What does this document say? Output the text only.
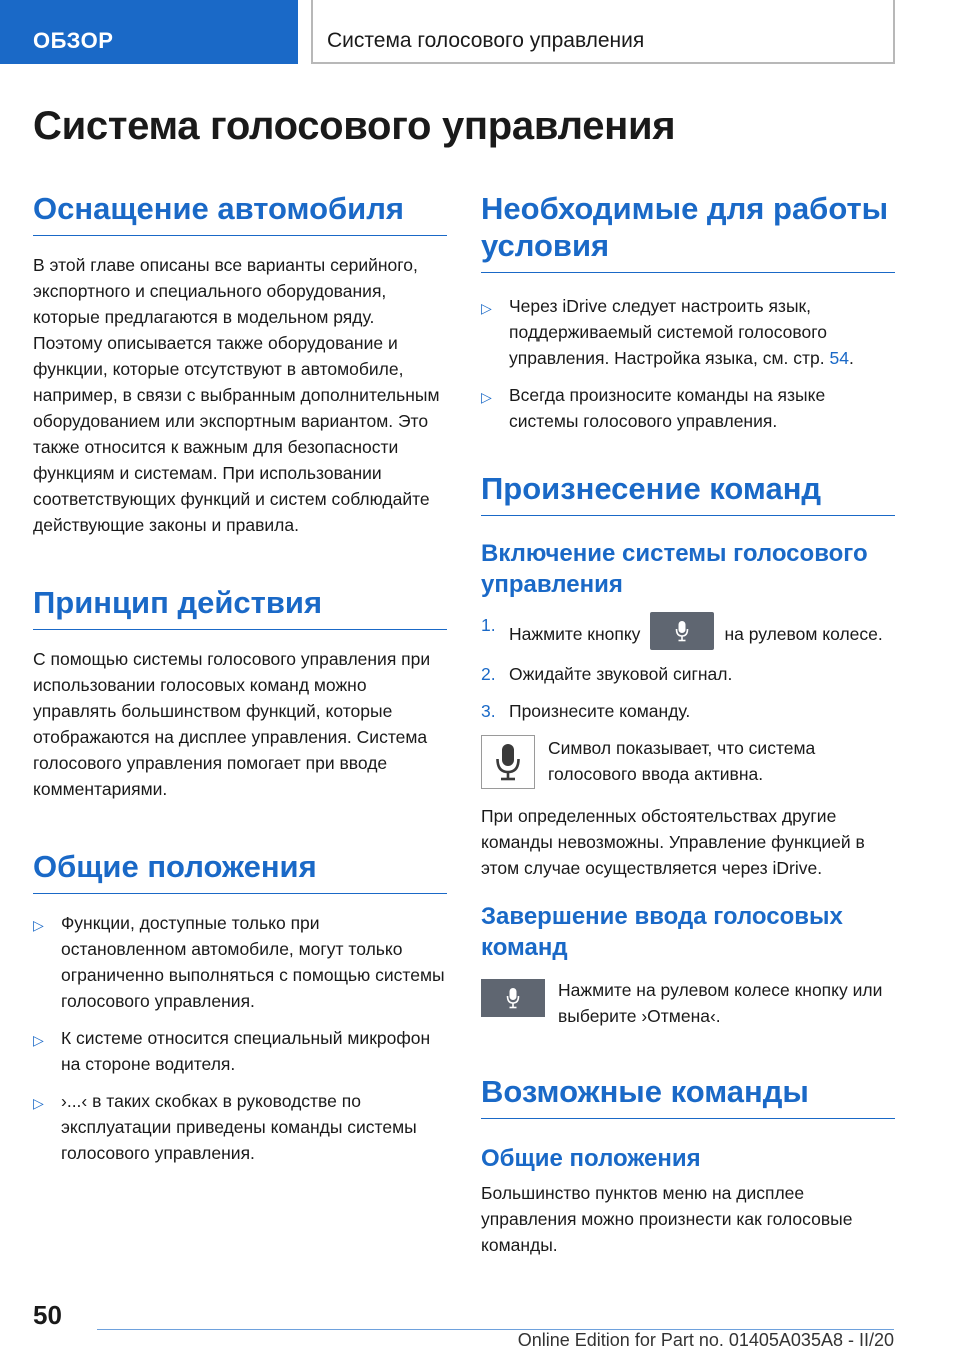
ОБЗОР	Система голосового управления
Система голосового управления
Оснащение автомобиля

В этой главе описаны все варианты серийного, экспортного и специального оборудования, которые предлагаются в модельном ряду. Поэтому описывается также оборудование и функции, которые отсутствуют в автомобиле, например, в связи с выбранным дополнительным оборудованием или экспортным вариантом. Это также относится к важным для безопасности функциям и системам. При использовании соответствующих функций и систем соблюдайте действующие законы и правила.

Принцип действия

С помощью системы голосового управления при использовании голосовых команд можно управлять большинством функций, которые отображаются на дисплее управления. Система голосового управления помогает при вводе комментариями.

Общие положения
▷ Функции, доступные только при остановленном автомобиле, могут только ограниченно выполняться с помощью системы голосового управления.
▷ К системе относится специальный микрофон на стороне водителя.
▷ ›...‹ в таких скобках в руководстве по эксплуатации приведены команды системы голосового управления.
Необходимые для работы условия
▷ Через iDrive следует настроить язык, поддерживаемый системой голосового управления. Настройка языка, см. стр. 54.
▷ Всегда произносите команды на языке системы голосового управления.
Произнесение команд
Включение системы голосового управления
1. Нажмите кнопку	на рулевом колесе.
2. Ожидайте звуковой сигнал.
3. Произнесите команду.

Символ показывает, что система голосового ввода активна.

При определенных обстоятельствах другие команды невозможны. Управление функцией в этом случае осуществляется через iDrive.

Завершение ввода голосовых команд

Нажмите на рулевом колесе кнопку или выберите ›Отмена‹.

Возможные команды
Общие положения

Большинство пунктов меню на дисплее управления можно произнести как голосовые команды.

50
Online Edition for Part no. 01405A035A8 - II/20
